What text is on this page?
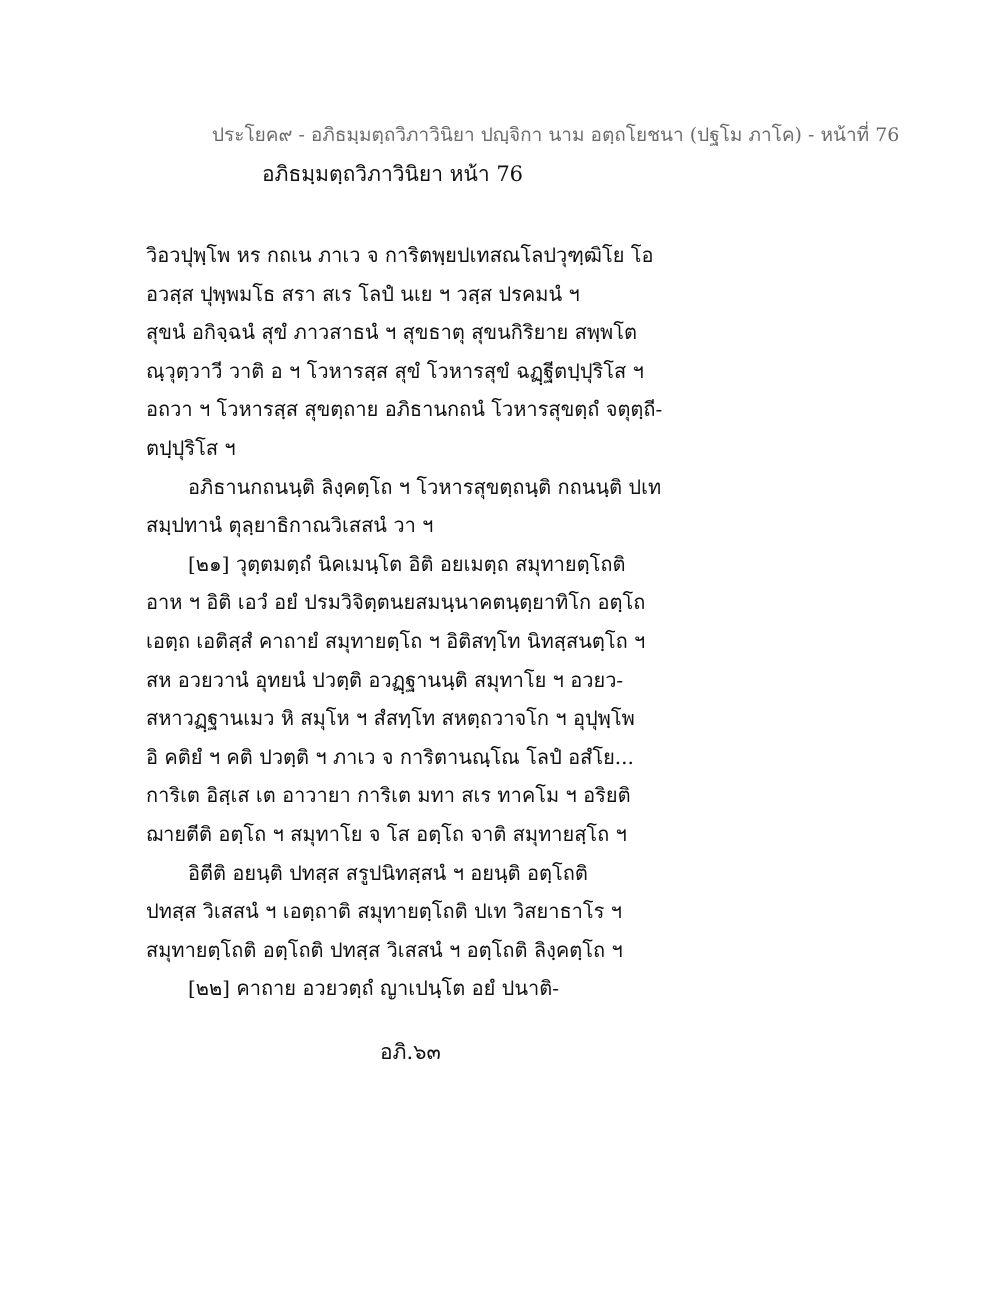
ประโยค๙ - อภิธมฺมตฺถวิภาวินิยา ปญฺจิกา นาม อตฺถโยชนา (ปฐโม ภาโค) - หน้าที่ 76
อภิธมฺมตฺถวิภาวินิยา หน้า 76
วิอวปุพฺโพ หร กถเน ภาเว จ การิตพฺยปเทสณโลปวุฑฺฒิโย โอ
อวสฺส ปุพฺพมโธ สรา สเร โลปํ นเย ฯ วสฺส ปรคมนํ ฯ
สุขนํ อกิจฺฉนํ สุขํ ภาวสาธนํ ฯ สุขธาตุ สุขนกิริยาย สพฺพโต
ณฺวุตฺวาวี วาติ อ ฯ โวหารสฺส สุขํ โวหารสุขํ ฉฏฺฐีตปฺปุริโส ฯ
อถวา ฯ โวหารสฺส สุขตฺถาย อภิธานกถนํ โวหารสุขตฺถํ จตุตฺถี-
ตปฺปุริโส ฯ
อภิธานกถนนฺติ ลิงฺคตฺโถ ฯ โวหารสุขตฺถนฺติ กถนนฺติ ปเท
สมฺปทานํ ตุลฺยาธิกาณวิเสสนํ วา ฯ
[๒๑] วุตฺตมตฺถํ นิคเมนฺโต อิติ อยเมตฺถ สมุทายตฺโถติ
อาห ฯ อิติ เอวํ อยํ ปรมวิจิตฺตนยสมนฺนาคตนฺตฺยาทิโก อตฺโถ
เอตฺถ เอติสฺสํ คาถายํ สมุทายตฺโถ ฯ อิติสทฺโท นิทสฺสนตฺโถ ฯ
สห อวยวานํ อุทยนํ ปวตฺติ อวฏฺฐานนฺติ สมุทาโย ฯ อวยว-
สหาวฏฺฐานเมว หิ สมุโห ฯ สํสทฺโท สหตฺถวาจโก ฯ อุปุพฺโพ
อิ คติยํ ฯ คติ ปวตฺติ ฯ ภาเว จ การิตานณฺโณ โลปํ อสํโย...
การิเต อิสฺเส เต อาวายา การิเต มทา สเร ทาคโม ฯ อริยติ
ฌายตีติ อตฺโถ ฯ สมุทาโย จ โส อตฺโถ จาติ สมุทายสฺโถ ฯ
อิตีติ อยนฺติ ปทสฺส สรูปนิทสฺสนํ ฯ อยนฺติ อตฺโถติ
ปทสฺส วิเสสนํ ฯ เอตฺถาติ สมุทายตฺโถติ ปเท วิสยาธาโร ฯ
สมุทายตฺโถติ อตฺโถติ ปทสฺส วิเสสนํ ฯ อตฺโถติ ลิงฺคตฺโถ ฯ
[๒๒] คาถาย อวยวตฺถํ ญาเปนฺโต อยํ ปนาติ-
อภิ.๖๓
